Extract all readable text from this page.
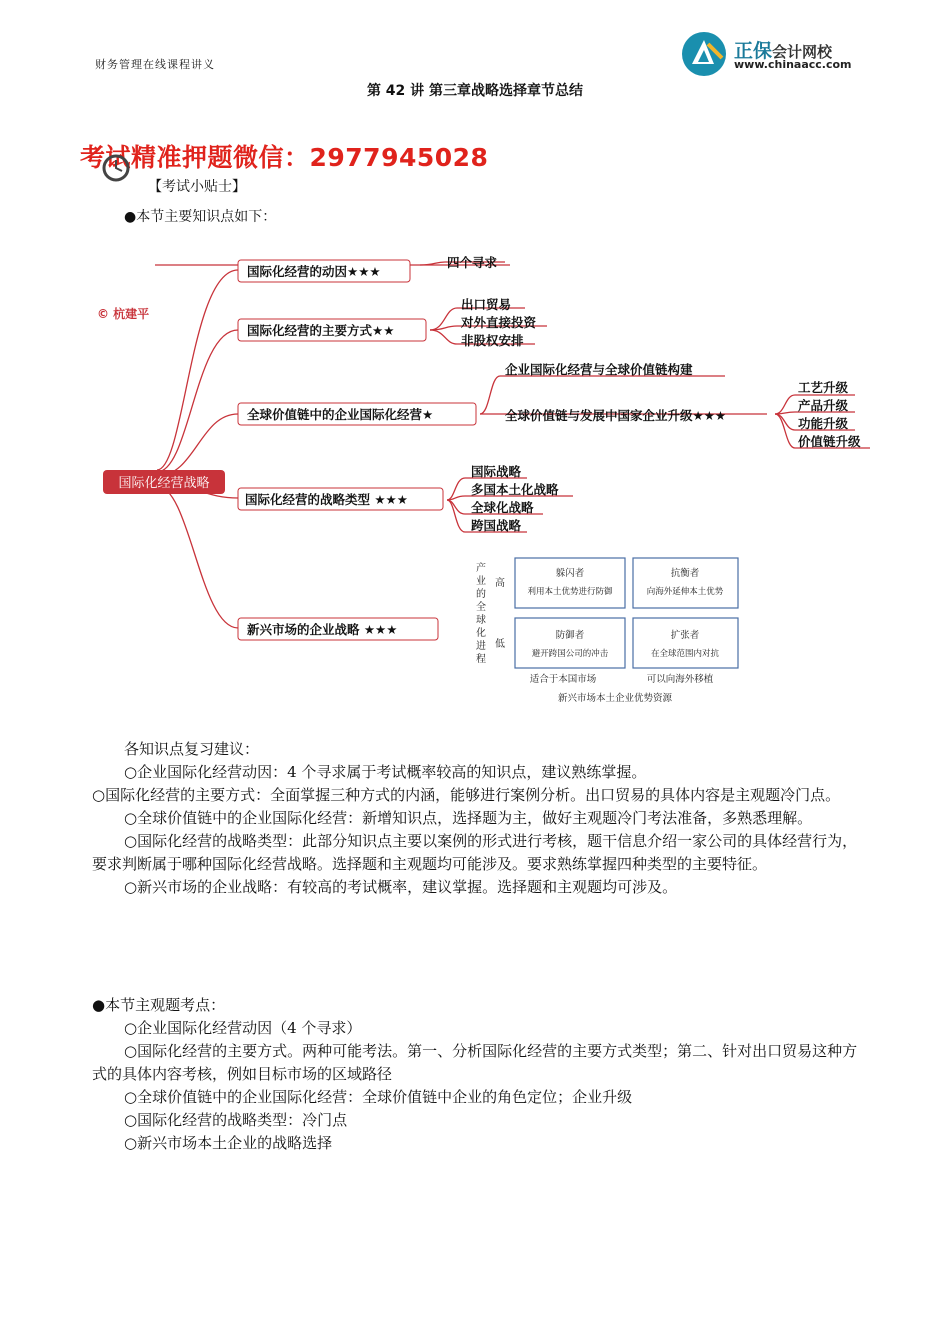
财务管理在线课程讲义
正保会计网校
www.chinaacc.com
第 42 讲 第三章战略选择章节总结
考试精准押题微信：2977945028
【考试小贴士】
●本节主要知识点如下：
国际化经营战略
© 杭建平
国际化经营的动因★★★
四个寻求
国际化经营的主要方式★★
出口贸易
对外直接投资
非股权安排
全球价值链中的企业国际化经营★
企业国际化经营与全球价值链构建
全球价值链与发展中国家企业升级★★★
工艺升级
产品升级
功能升级
价值链升级
国际化经营的战略类型 ★★★
国际战略
多国本土化战略
全球化战略
跨国战略
新兴市场的企业战略 ★★★
产
业
的
全
球
化
进
程
高
低
躲闪者
利用本土优势进行防御
抗衡者
向海外延伸本土优势
防御者
避开跨国公司的冲击
扩张者
在全球范围内对抗
适合于本国市场	可以向海外移植
新兴市场本土企业优势资源
各知识点复习建议：
○企业国际化经营动因：4 个寻求属于考试概率较高的知识点，建议熟练掌握。
○国际化经营的主要方式：全面掌握三种方式的内涵，能够进行案例分析。出口贸易的具体内容是主观题冷门点。
○全球价值链中的企业国际化经营：新增知识点，选择题为主，做好主观题冷门考法准备，多熟悉理解。
○国际化经营的战略类型：此部分知识点主要以案例的形式进行考核，题干信息介绍一家公司的具体经营行为，要求判断属于哪种国际化经营战略。选择题和主观题均可能涉及。要求熟练掌握四种类型的主要特征。
○新兴市场的企业战略：有较高的考试概率，建议掌握。选择题和主观题均可涉及。
●本节主观题考点：
○企业国际化经营动因（4 个寻求）
○国际化经营的主要方式。两种可能考法。第一、分析国际化经营的主要方式类型；第二、针对出口贸易这种方式的具体内容考核，例如目标市场的区域路径
○全球价值链中的企业国际化经营：全球价值链中企业的角色定位；企业升级
○国际化经营的战略类型：冷门点
○新兴市场本土企业的战略选择
